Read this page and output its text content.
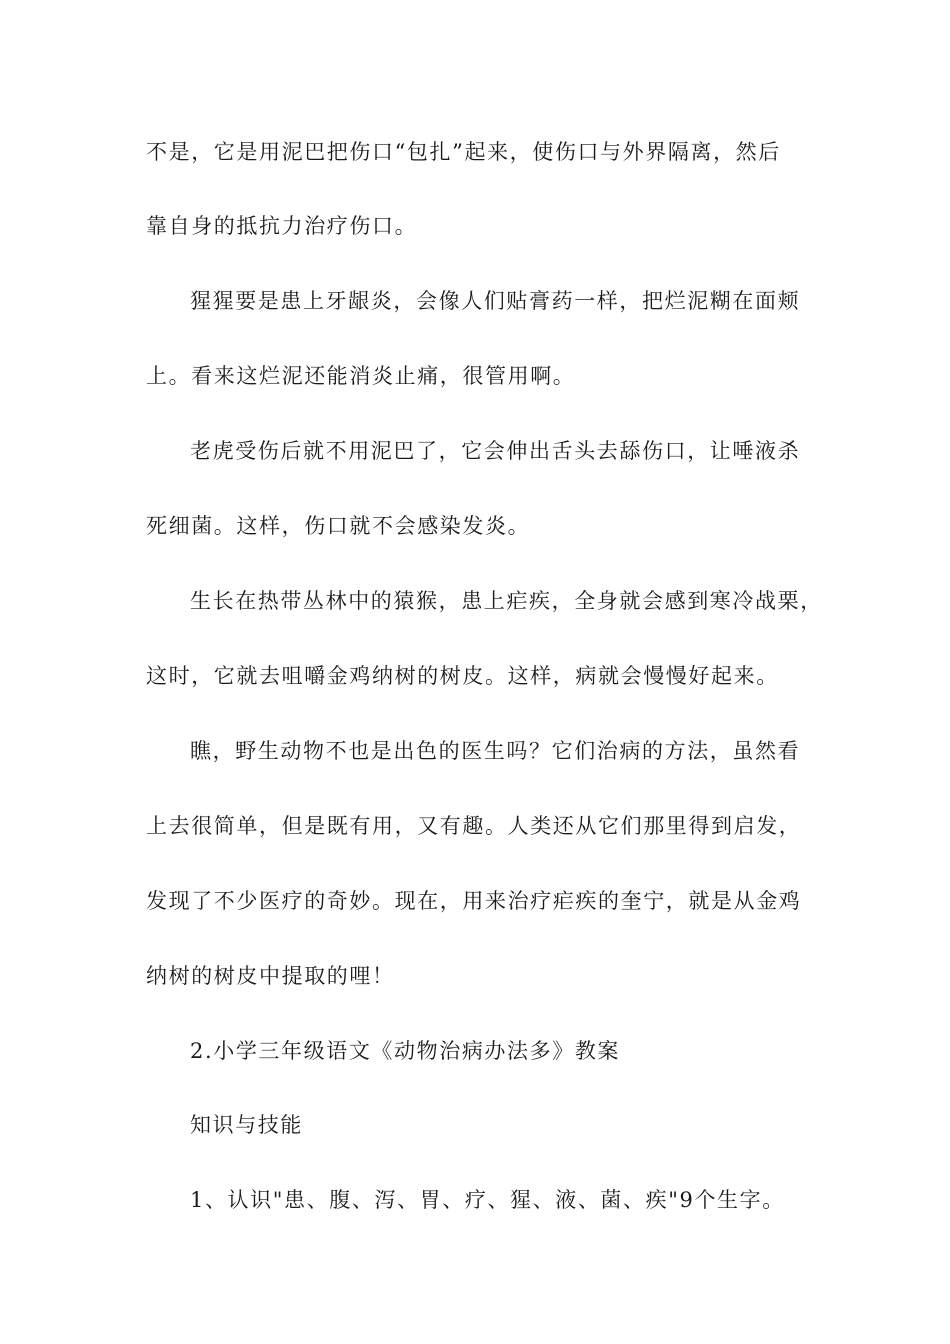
不是，它是用泥巴把伤口“包扎”起来，使伤口与外界隔离，然后
靠自身的抵抗力治疗伤口。
猩猩要是患上牙龈炎，会像人们贴膏药一样，把烂泥糊在面颊
上。看来这烂泥还能消炎止痛，很管用啊。
老虎受伤后就不用泥巴了，它会伸出舌头去舔伤口，让唾液杀
死细菌。这样，伤口就不会感染发炎。
生长在热带丛林中的猿猴，患上疟疾，全身就会感到寒冷战栗，
这时，它就去咀嚼金鸡纳树的树皮。这样，病就会慢慢好起来。
瞧，野生动物不也是出色的医生吗？它们治病的方法，虽然看
上去很简单，但是既有用，又有趣。人类还从它们那里得到启发，
发现了不少医疗的奇妙。现在，用来治疗疟疾的奎宁，就是从金鸡
纳树的树皮中提取的哩！
2.小学三年级语文《动物治病办法多》教案
知识与技能
1、认识"患、腹、泻、胃、疗、猩、液、菌、疾"9个生字。
